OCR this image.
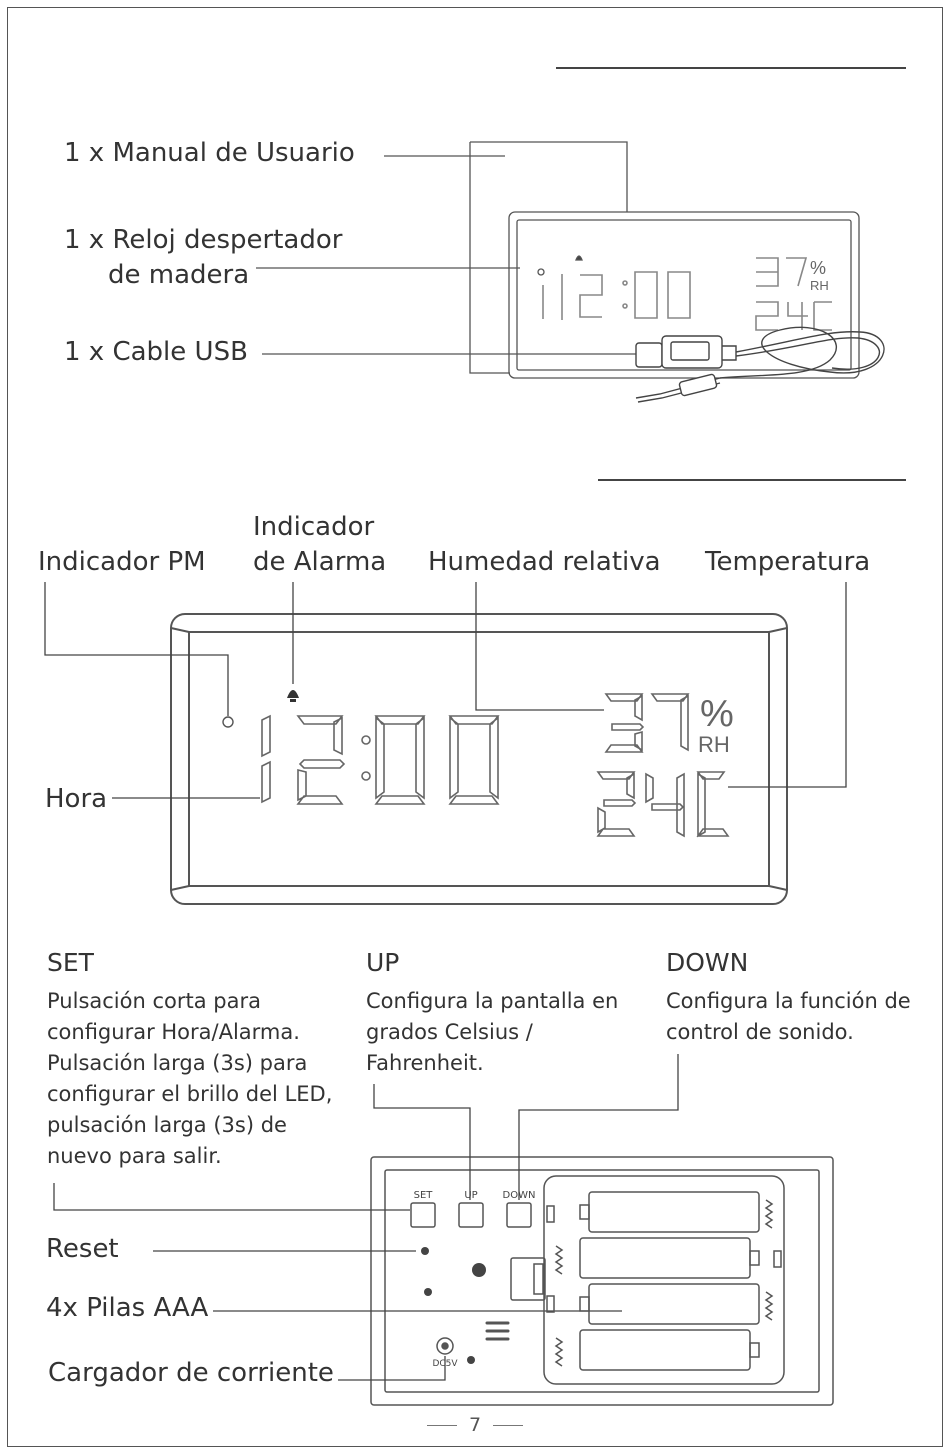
1 x Manual de Usuario
1 x Reloj despertador
de madera
1 x Cable USB
%
RH
Indicador PM
Indicador
de Alarma Humedad relativa Temperatura
Hora
%
RH
SET
Pulsación corta para configurar Hora/Alarma. Pulsación larga (3s) para configurar el brillo del LED, pulsación larga (3s) de nuevo para salir.
UP
Configura la pantalla en grados Celsius / Fahrenheit.
DOWN
Configura la función de control de sonido.
Reset
4x Pilas AAA
Cargador de corriente
SET	UP DOWN
DC5V
7
